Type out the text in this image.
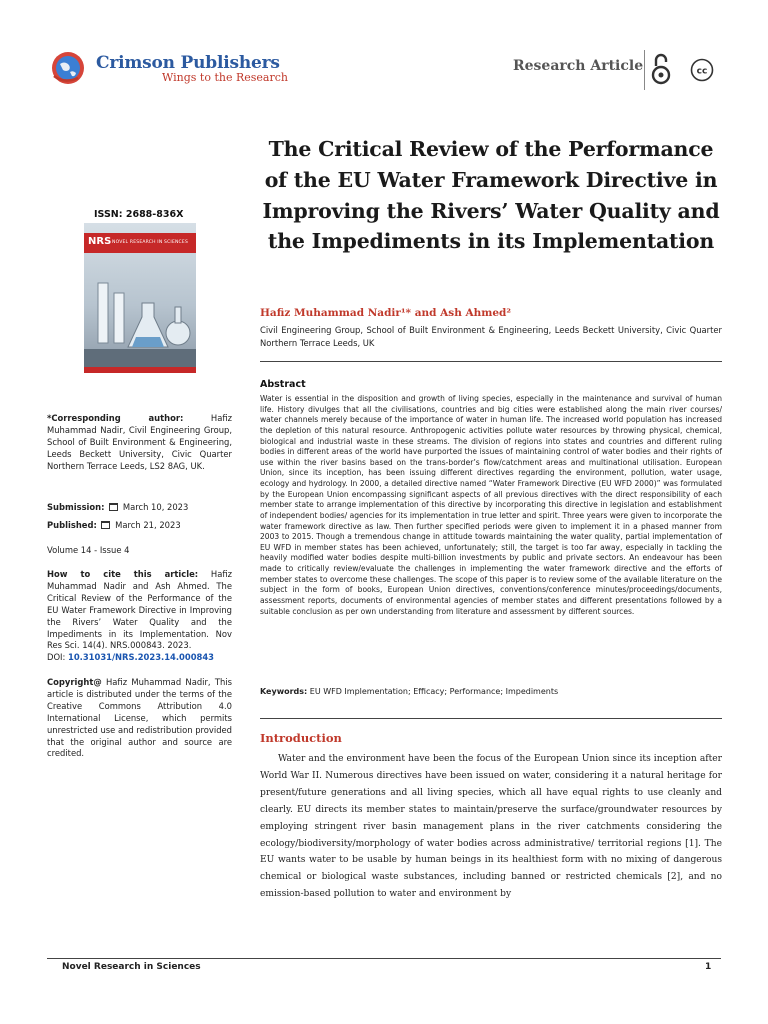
Crimson Publishers
Wings to the Research
Research Article	cc
The Critical Review of the Performance of the EU Water Framework Directive in Improving the Rivers’ Water Quality and the Impediments in its Implementation
Hafiz Muhammad Nadir¹* and Ash Ahmed²
Civil Engineering Group, School of Built Environment & Engineering, Leeds Beckett University, Civic Quarter Northern Terrace Leeds, UK
Abstract
Water is essential in the disposition and growth of living species, especially in the maintenance and survival of human life. History divulges that all the civilisations, countries and big cities were established along the main river courses/ water channels merely because of the importance of water in human life. The increased world population has increased the depletion of this natural resource. Anthropogenic activities pollute water resources by throwing physical, chemical, biological and industrial waste in these streams. The division of regions into states and countries and different ruling bodies in different areas of the world have purported the issues of maintaining control of water bodies and their rights of use within the river basins based on the trans-border’s flow/catchment areas and multinational utilisation. European Union, since its inception, has been issuing different directives regarding the environment, pollution, water usage, ecology and hydrology. In 2000, a detailed directive named “Water Framework Directive (EU WFD 2000)” was formulated by the European Union encompassing significant aspects of all previous directives with the direct responsibility of each member state to arrange implementation of this directive by incorporating this directive in legislation and establishment of independent bodies/ agencies for its implementation in true letter and spirit. Three years were given to incorporate the water framework directive as law. Then further specified periods were given to implement it in a phased manner from 2003 to 2015. Though a tremendous change in attitude towards maintaining the water quality, partial implementation of EU WFD in member states has been achieved, unfortunately; still, the target is too far away, especially in tackling the heavily modified water bodies despite multi-billion investments by public and private sectors. An endeavour has been made to critically review/evaluate the challenges in implementing the water framework directive and the efforts of member states to overcome these challenges. The scope of this paper is to review some of the available literature on the subject in the form of books, European Union directives, conventions/conference minutes/proceedings/documents, assessment reports, documents of environmental agencies of member states and different presentations followed by a suitable conclusion as per own understanding from literature and assessment by different sources.
Keywords: EU WFD Implementation; Efficacy; Performance; Impediments
Introduction
Water and the environment have been the focus of the European Union since its inception after World War II. Numerous directives have been issued on water, considering it a natural heritage for present/future generations and all living species, which all have equal rights to use cleanly and clearly. EU directs its member states to maintain/preserve the surface/groundwater resources by employing stringent river basin management plans in the river catchments considering the ecology/biodiversity/morphology of water bodies across administrative/ territorial regions [1]. The EU wants water to be usable by human beings in its healthiest form with no mixing of dangerous chemical or biological waste substances, including banned or restricted chemicals [2], and no emission-based pollution to water and environment by
ISSN: 2688-836X
NRS NOVEL RESEARCH IN SCIENCES
*Corresponding author:	Hafiz Muhammad Nadir, Civil Engineering Group, School of Built Environment & Engineering, Leeds Beckett University, Civic Quarter Northern Terrace Leeds, LS2 8AG, UK.
Submission: March 10, 2023
Published: March 21, 2023
Volume 14 - Issue 4
How to cite this article: Hafiz Muhammad Nadir and Ash Ahmed. The Critical Review of the Performance of the EU Water Framework Directive in Improving the Rivers’ Water Quality and the Impediments in its Implementation. Nov Res Sci. 14(4). NRS.000843. 2023.
DOI: 10.31031/NRS.2023.14.000843
Copyright@ Hafiz Muhammad Nadir, This article is distributed under the terms of the Creative Commons Attribution 4.0 International License, which permits unrestricted use and redistribution provided that the original author and source are credited.
Novel Research in Sciences	1
